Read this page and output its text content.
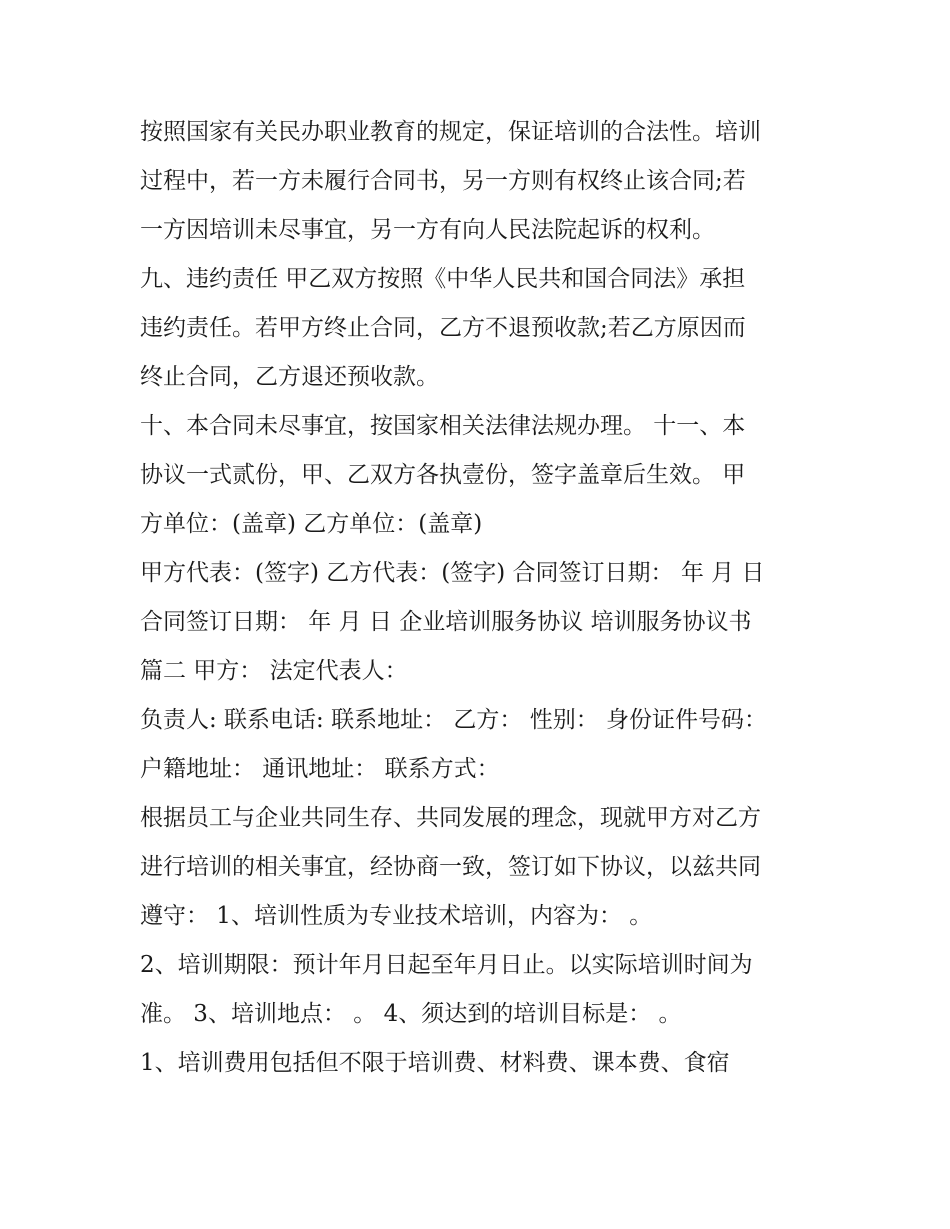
按照国家有关民办职业教育的规定，保证培训的合法性。培训
过程中，若一方未履行合同书，另一方则有权终止该合同;若
一方因培训未尽事宜，另一方有向人民法院起诉的权利。

九、违约责任 甲乙双方按照《中华人民共和国合同法》承担
违约责任。若甲方终止合同，乙方不退预收款;若乙方原因而
终止合同，乙方退还预收款。

十、本合同未尽事宜，按国家相关法律法规办理。 十一、本
协议一式贰份，甲、乙双方各执壹份，签字盖章后生效。 甲
方单位：(盖章) 乙方单位：(盖章)

甲方代表：(签字) 乙方代表：(签字) 合同签订日期： 年 月 日
合同签订日期： 年 月 日 企业培训服务协议 培训服务协议书
篇二 甲方： 法定代表人：

负责人: 联系电话: 联系地址： 乙方： 性别： 身份证件号码：
户籍地址： 通讯地址： 联系方式：

根据员工与企业共同生存、共同发展的理念，现就甲方对乙方
进行培训的相关事宜，经协商一致，签订如下协议，以兹共同
遵守： 1、培训性质为专业技术培训，内容为： 。

2、培训期限：预计年月日起至年月日止。以实际培训时间为
准。 3、培训地点： 。 4、须达到的培训目标是： 。

1、培训费用包括但不限于培训费、材料费、课本费、食宿
